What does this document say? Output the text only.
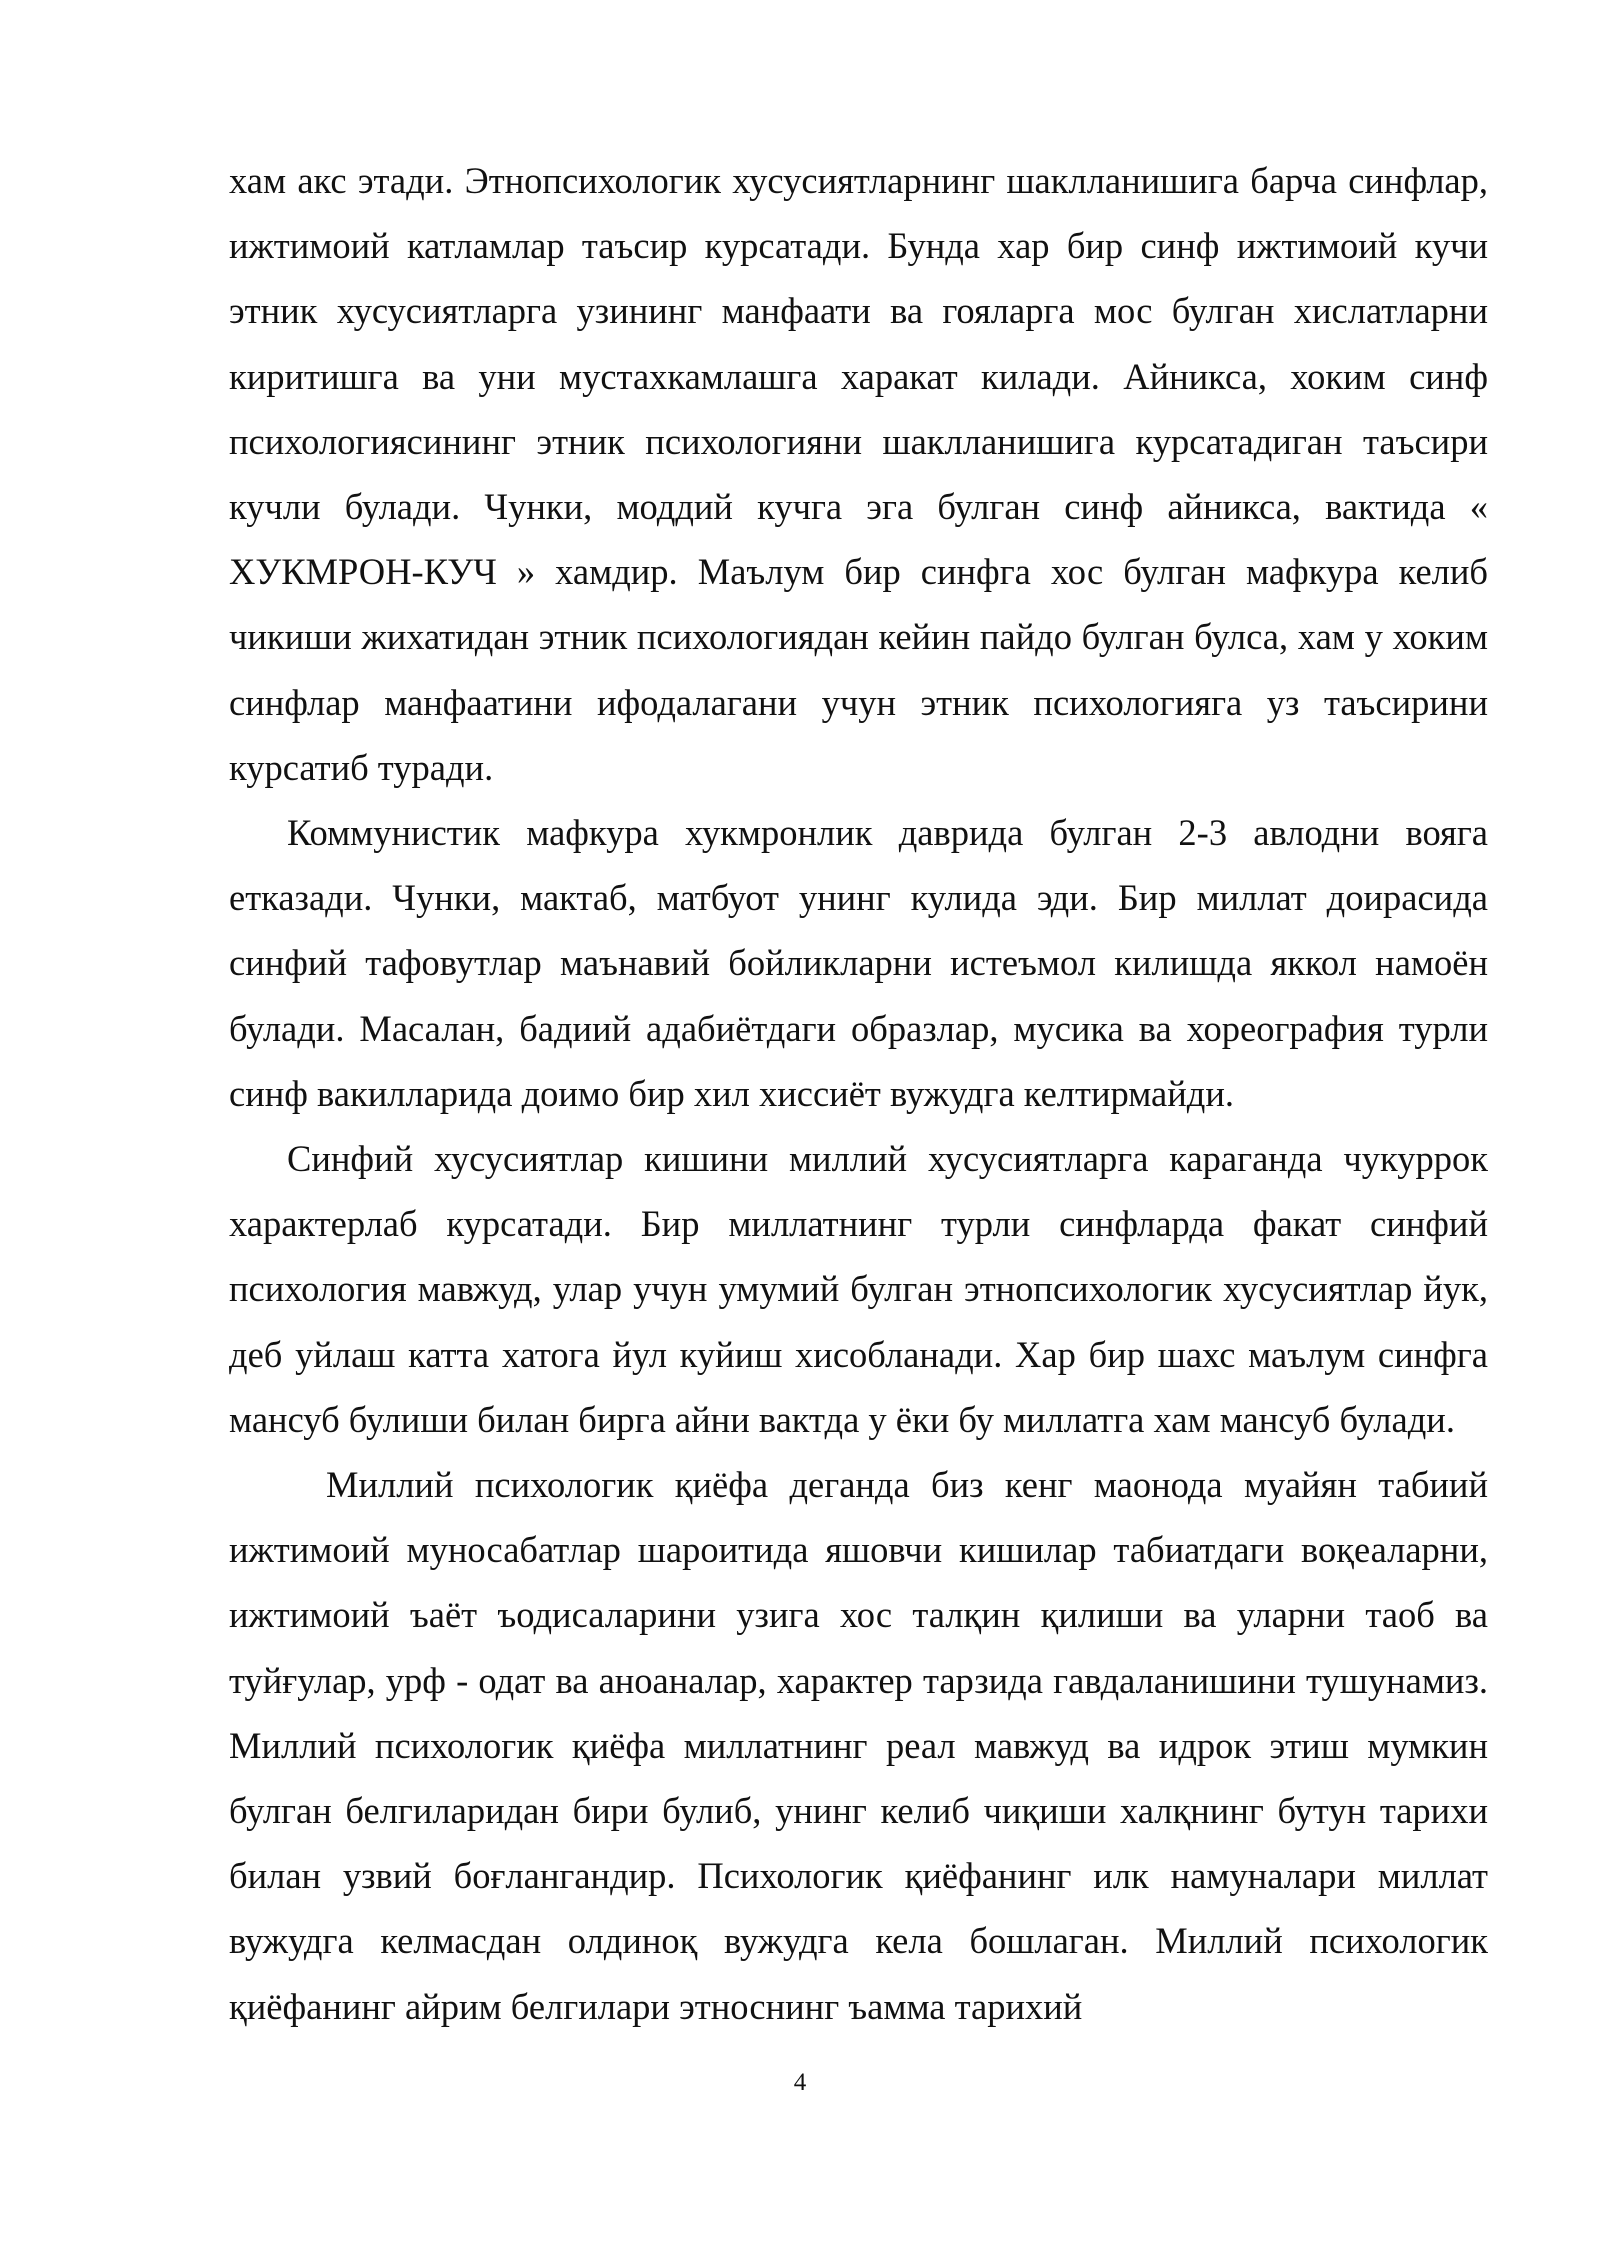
хам акс этади. Этнопсихологик хусусиятларнинг шаклланишига барча синфлар, ижтимоий катламлар таъсир курсатади. Бунда хар бир синф ижтимоий кучи этник хусусиятларга узининг манфаати ва гояларга мос булган хислатларни киритишга ва уни мустахкамлашга харакат килади. Айникса, хоким синф психологиясининг этник психологияни шаклланишига курсатадиган таъсири кучли булади. Чунки, моддий кучга эга булган синф айникса, вактида « ХУКМРОН-КУЧ » хамдир. Маълум бир синфга хос булган мафкура келиб чикиши жихатидан этник психологиядан кейин пайдо булган булса, хам у хоким синфлар манфаатини ифодалагани учун этник психологияга уз таъсирини курсатиб туради.

Коммунистик мафкура хукмронлик даврида булган 2-3 авлодни вояга етказади. Чунки, мактаб, матбуот унинг кулида эди. Бир миллат доирасида синфий тафовутлар маънавий бойликларни истеъмол килишда яккол намоён булади. Масалан, бадиий адабиётдаги образлар, мусика ва хореография турли синф вакилларида доимо бир хил хиссиёт вужудга келтирмайди.

Синфий хусусиятлар кишини миллий хусусиятларга караганда чукуррок характерлаб курсатади. Бир миллатнинг турли синфларда факат синфий психология мавжуд, улар учун умумий булган этнопсихологик хусусиятлар йук, деб уйлаш катта хатога йул куйиш хисобланади. Хар бир шахс маълум синфга мансуб булиши билан бирга айни вактда у ёки бу миллатга хам мансуб булади.

Миллий психологик қиёфа деганда биз кенг маонода муайян табиий ижтимоий муносабатлар шароитида яшовчи кишилар табиатдаги воқеаларни, ижтимоий ъаёт ъодисаларини узига хос талқин қилиши ва уларни таоб ва туйғулар, урф - одат ва аноаналар, характер тарзида гавдаланишини тушунамиз. Миллий психологик қиёфа миллатнинг реал мавжуд ва идрок этиш мумкин булган белгиларидан бири булиб, унинг келиб чиқиши халқнинг бутун тарихи билан узвий боғлангандир. Психологик қиёфанинг илк намуналари миллат вужудга келмасдан олдиноқ вужудга кела бошлаган. Миллий психологик қиёфанинг айрим белгилари этноснинг ъамма тарихий

4
